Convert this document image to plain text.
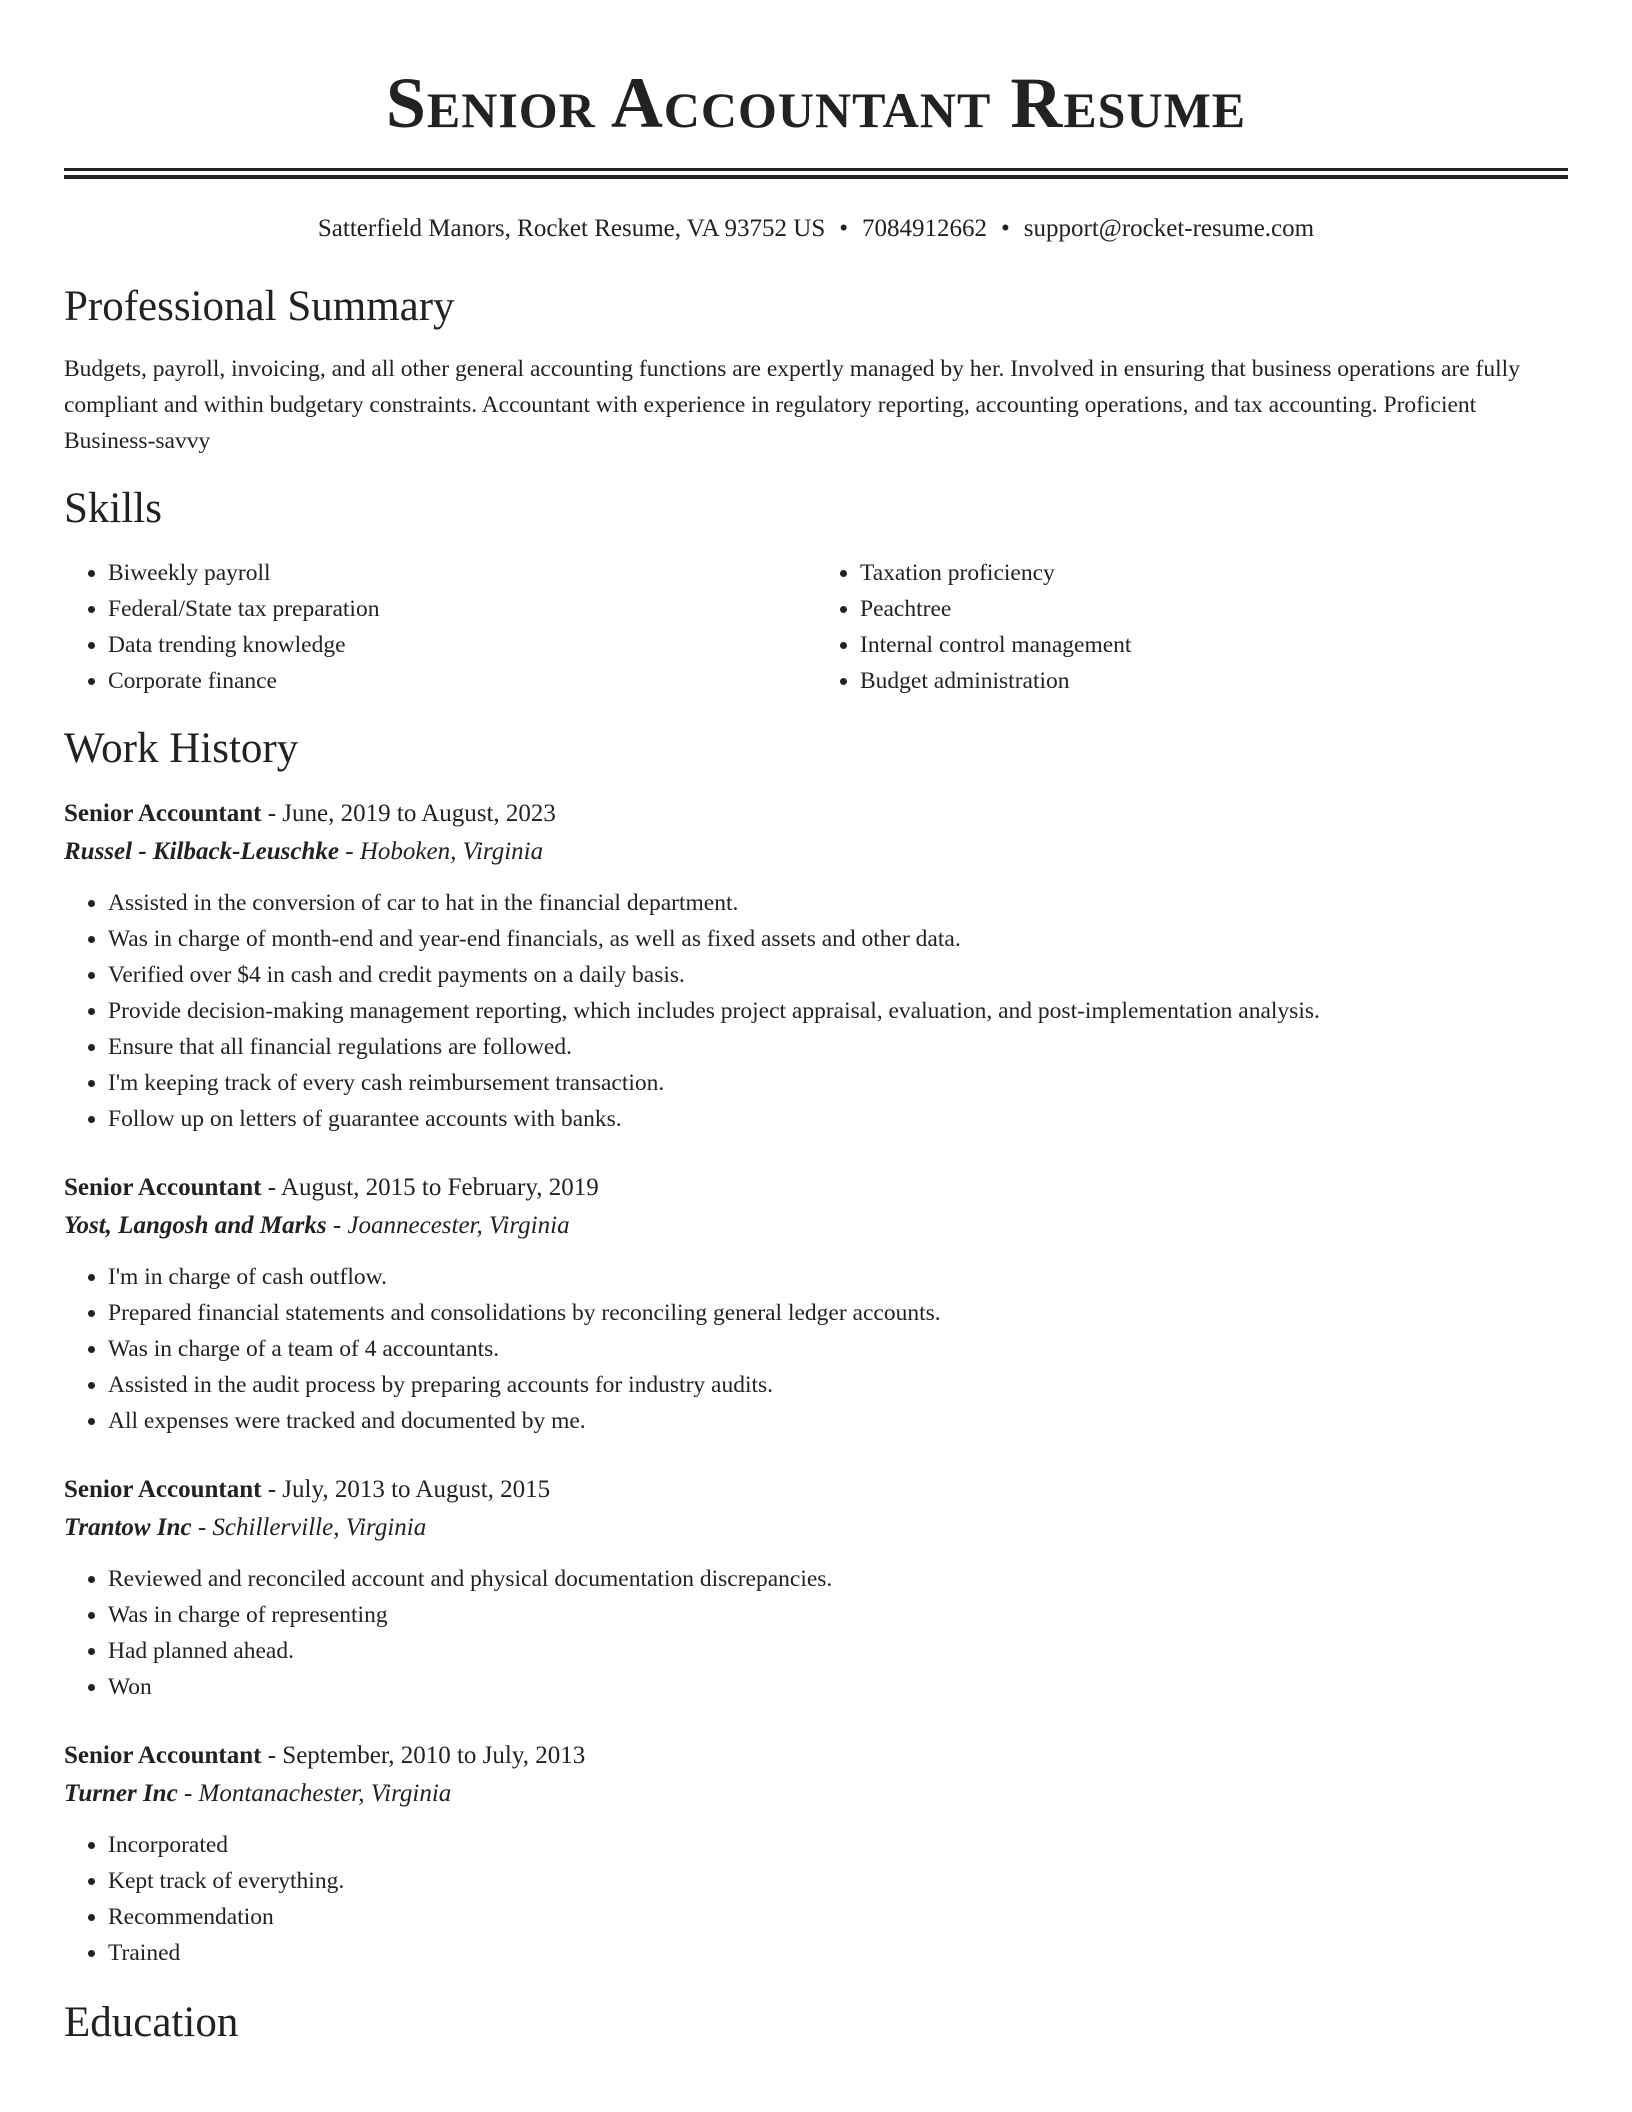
Senior Accountant Resume
Satterfield Manors, Rocket Resume, VA 93752 US • 7084912662 • support@rocket-resume.com
Professional Summary
Budgets, payroll, invoicing, and all other general accounting functions are expertly managed by her. Involved in ensuring that business operations are fully compliant and within budgetary constraints. Accountant with experience in regulatory reporting, accounting operations, and tax accounting. Proficient Business-savvy
Skills
• Biweekly payroll
• Federal/State tax preparation
• Data trending knowledge
• Corporate finance
• Taxation proficiency
• Peachtree
• Internal control management
• Budget administration
Work History
Senior Accountant - June, 2019 to August, 2023
Russel - Kilback-Leuschke - Hoboken, Virginia
• Assisted in the conversion of car to hat in the financial department.
• Was in charge of month-end and year-end financials, as well as fixed assets and other data.
• Verified over $4 in cash and credit payments on a daily basis.
• Provide decision-making management reporting, which includes project appraisal, evaluation, and post-implementation analysis.
• Ensure that all financial regulations are followed.
• I'm keeping track of every cash reimbursement transaction.
• Follow up on letters of guarantee accounts with banks.
Senior Accountant - August, 2015 to February, 2019
Yost, Langosh and Marks - Joannecester, Virginia
• I'm in charge of cash outflow.
• Prepared financial statements and consolidations by reconciling general ledger accounts.
• Was in charge of a team of 4 accountants.
• Assisted in the audit process by preparing accounts for industry audits.
• All expenses were tracked and documented by me.
Senior Accountant - July, 2013 to August, 2015
Trantow Inc - Schillerville, Virginia
• Reviewed and reconciled account and physical documentation discrepancies.
• Was in charge of representing
• Had planned ahead.
• Won
Senior Accountant - September, 2010 to July, 2013
Turner Inc - Montanachester, Virginia
• Incorporated
• Kept track of everything.
• Recommendation
• Trained
Education
